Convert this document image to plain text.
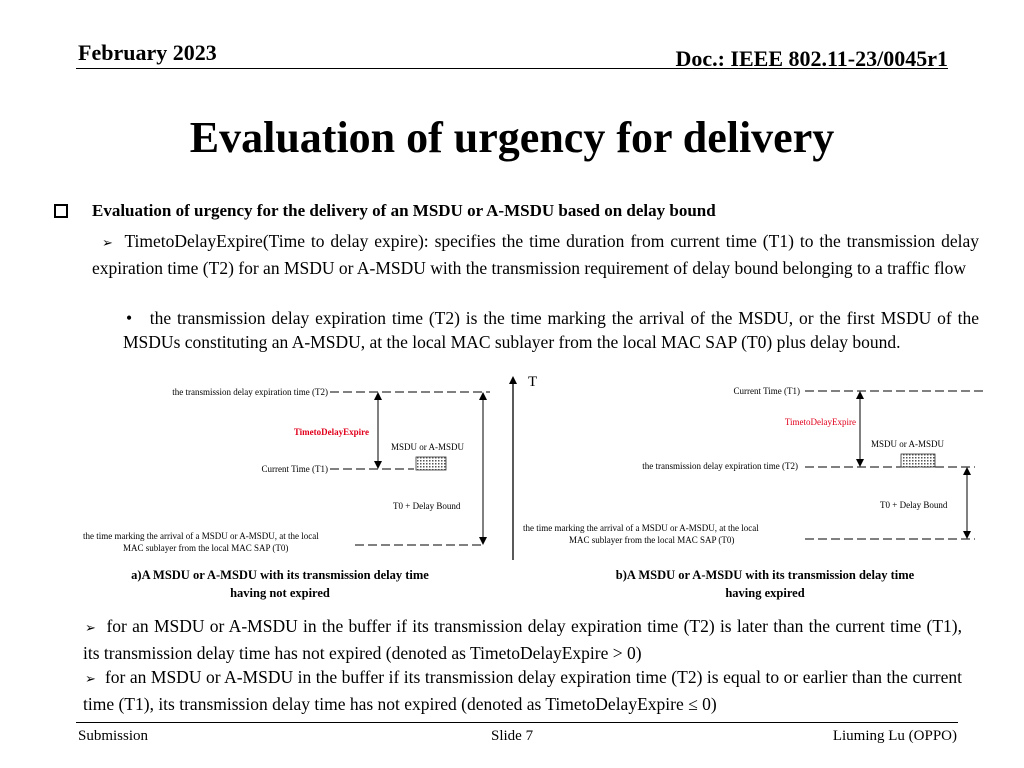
February 2023	Doc.: IEEE 802.11-23/0045r1
Evaluation of urgency for delivery
Evaluation of urgency for the delivery of an MSDU or A-MSDU based on delay bound
➢ TimetoDelayExpire(Time to delay expire): specifies the time duration from current time (T1) to the transmission delay expiration time (T2) for an MSDU or A-MSDU with the transmission requirement of delay bound belonging to a traffic flow
• the transmission delay expiration time (T2) is the time marking the arrival of the MSDU, or the first MSDU of the MSDUs constituting an A-MSDU, at the local MAC sublayer from the local MAC SAP (T0) plus delay bound.
T
the transmission delay expiration time (T2)
TimetoDelayExpire
MSDU or A-MSDU
Current Time (T1)
T0 + Delay Bound
the time marking the arrival of a MSDU or A-MSDU, at the local
MAC sublayer from the local MAC SAP (T0)
a)A MSDU or A-MSDU with its transmission delay time
having not expired
Current Time (T1)
TimetoDelayExpire
MSDU or A-MSDU
the transmission delay expiration time (T2)
T0 + Delay Bound
the time marking the arrival of a MSDU or A-MSDU, at the local
MAC sublayer from the local MAC SAP (T0)
b)A MSDU or A-MSDU with its transmission delay time
having expired
➢ for an MSDU or A-MSDU in the buffer if its transmission delay expiration time (T2) is later than the current time (T1), its transmission delay time has not expired (denoted as TimetoDelayExpire > 0)
➢ for an MSDU or A-MSDU in the buffer if its transmission delay expiration time (T2) is equal to or earlier than the current time (T1), its transmission delay time has not expired (denoted as TimetoDelayExpire ≤ 0)
Submission	Slide 7	Liuming Lu (OPPO)
